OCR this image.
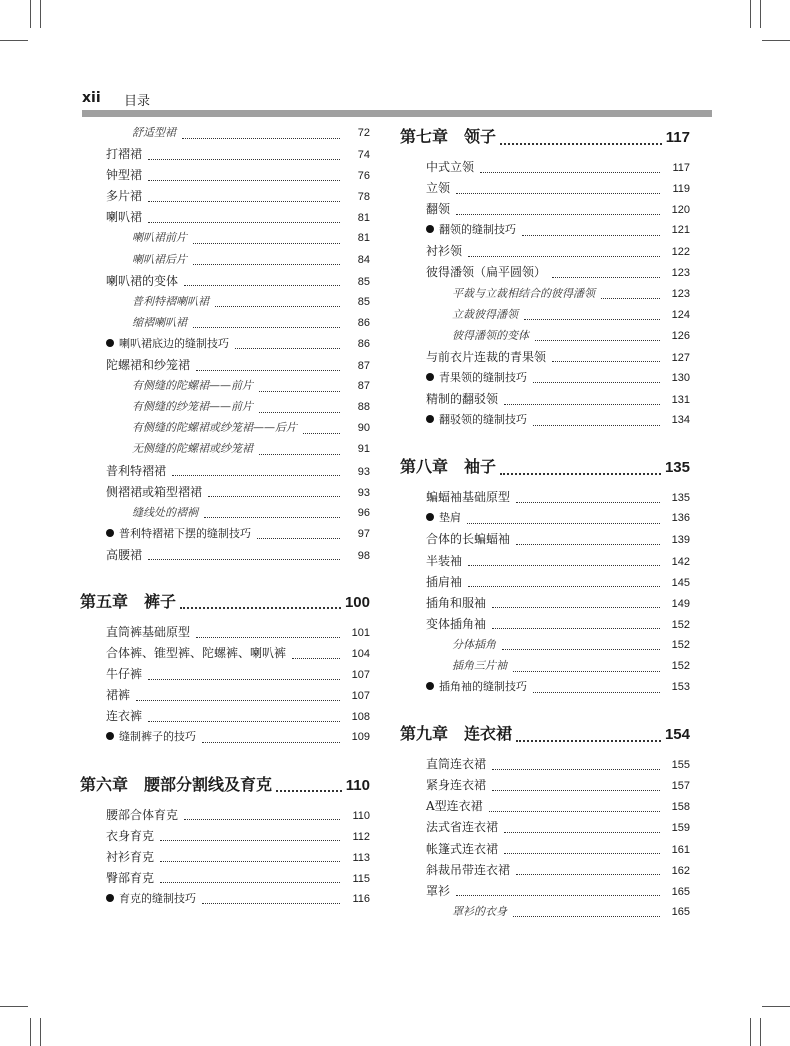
xii 目录
舒适型裙	72
打褶裙	74
钟型裙	76
多片裙	78
喇叭裙	81
喇叭裙前片	81
喇叭裙后片	84
喇叭裙的变体	85
普利特褶喇叭裙	85
缩褶喇叭裙	86
喇叭裙底边的缝制技巧	86
陀螺裙和纱笼裙	87
有侧缝的陀螺裙——前片	87
有侧缝的纱笼裙——前片	88
有侧缝的陀螺裙或纱笼裙——后片	90
无侧缝的陀螺裙或纱笼裙	91
普利特褶裙	93
侧褶裙或箱型褶裙	93
缝线处的褶裥	96
普利特褶裙下摆的缝制技巧	97
高腰裙	98
第五章 裤子	100
直筒裤基础原型	101
合体裤、锥型裤、陀螺裤、喇叭裤	104
牛仔裤	107
裙裤	107
连衣裤	108
缝制裤子的技巧	109
第六章 腰部分割线及育克	110
腰部合体育克	110
衣身育克	112
衬衫育克	113
臀部育克	115
育克的缝制技巧	116
第七章 领子	117
中式立领	117
立领	119
翻领	120
翻领的缝制技巧	121
衬衫领	122
彼得潘领（扁平圆领）	123
平裁与立裁相结合的彼得潘领	123
立裁彼得潘领	124
彼得潘领的变体	126
与前衣片连裁的青果领	127
青果领的缝制技巧	130
精制的翻驳领	131
翻驳领的缝制技巧	134
第八章 袖子	135
蝙蝠袖基础原型	135
垫肩	136
合体的长蝙蝠袖	139
半装袖	142
插肩袖	145
插角和服袖	149
变体插角袖	152
分体插角	152
插角三片袖	152
插角袖的缝制技巧	153
第九章 连衣裙	154
直筒连衣裙	155
紧身连衣裙	157
A型连衣裙	158
法式省连衣裙	159
帐篷式连衣裙	161
斜裁吊带连衣裙	162
罩衫	165
罩衫的衣身	165
